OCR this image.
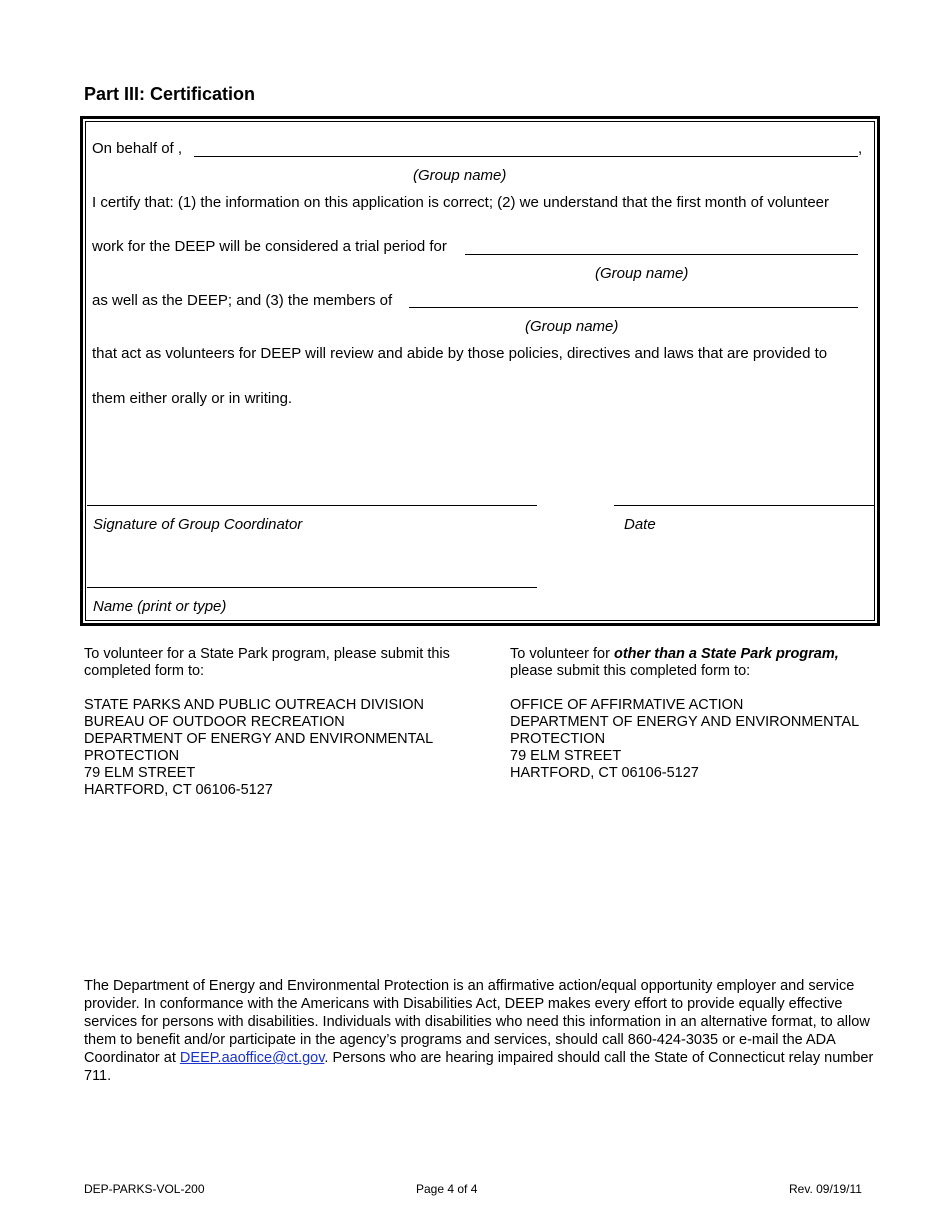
Part III: Certification
On behalf of ,	,
(Group name)
I certify that: (1) the information on this application is correct; (2) we understand that the first month of volunteer
work for the DEEP will be considered a trial period for
(Group name)
as well as the DEEP; and (3) the members of
(Group name)
that act as volunteers for DEEP will review and abide by those policies, directives and laws that are provided to
them either orally or in writing.
Signature of Group Coordinator	Date
Name (print or type)

To volunteer for a State Park program, please submit this completed form to:

STATE PARKS AND PUBLIC OUTREACH DIVISION

BUREAU OF OUTDOOR RECREATION

DEPARTMENT OF ENERGY AND ENVIRONMENTAL

PROTECTION

79 ELM STREET

HARTFORD, CT 06106-5127

To volunteer for other than a State Park program,

please submit this completed form to:

OFFICE OF AFFIRMATIVE ACTION

DEPARTMENT OF ENERGY AND ENVIRONMENTAL

PROTECTION

79 ELM STREET

HARTFORD, CT 06106-5127

The Department of Energy and Environmental Protection is an affirmative action/equal opportunity employer and service provider. In conformance with the Americans with Disabilities Act, DEEP makes every effort to provide equally effective services for persons with disabilities. Individuals with disabilities who need this information in an alternative format, to allow them to benefit and/or participate in the agency’s programs and services, should call 860-424-3035 or e-mail the ADA Coordinator at DEEP.aaoffice@ct.gov. Persons who are hearing impaired should call the State of Connecticut relay number 711.
DEP-PARKS-VOL-200	Page 4 of 4	Rev. 09/19/11
